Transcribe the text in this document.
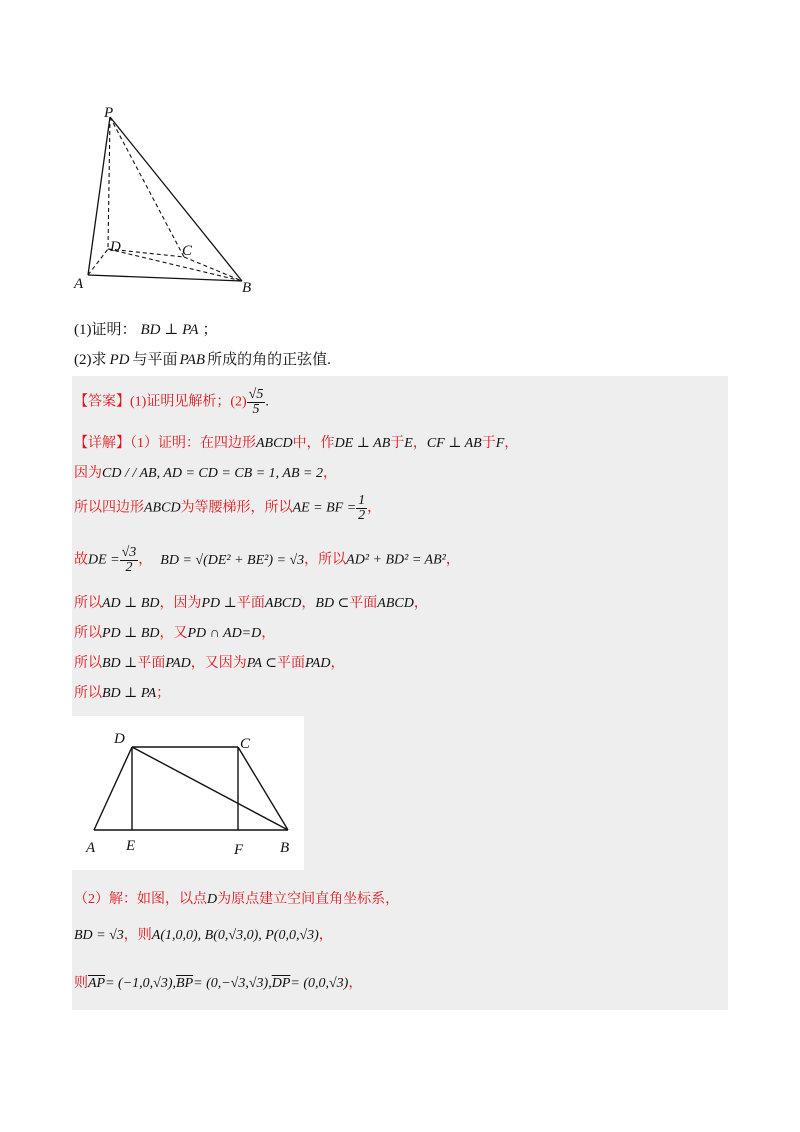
P
D	C
A	B
(1)证明： BD ⊥ PA ；
(2)求 PD 与平面 PAB 所成的角的正弦值.
【答案】(1)证明见解析；$(2) \frac{√5}{5}$ .
【详解】（1）证明：在四边形ABCD中，作DE ⊥ AB于E，CF ⊥ AB于F，
因为CD / / AB, AD = CD = CB = 1, AB = 2，
所以四边形ABCD为等腰梯形，所以AE = BF = $\frac{1}{2}$ ，
故DE = $\frac{√3}{2}$ ， BD = √(DE² + BE²) = √3，所以AD² + BD² = AB²，
所以AD ⊥ BD，因为PD ⊥平面ABCD，BD ⊂平面ABCD，
所以PD ⊥ BD，又PD ∩ AD=D，
所以BD ⊥平面PAD，又因为PA ⊂平面PAD，
所以BD ⊥ PA；
D	C
A E	F B
（2）解：如图，以点D为原点建立空间直角坐标系，
BD = √3，则A(1,0,0), B(0,√3,0), P(0,0,√3)，
则$\overline{AP}= (-1,0,√3),\overline{BP}= (0,-√3,√3),\overline{DP}= (0,0,√3)$，
